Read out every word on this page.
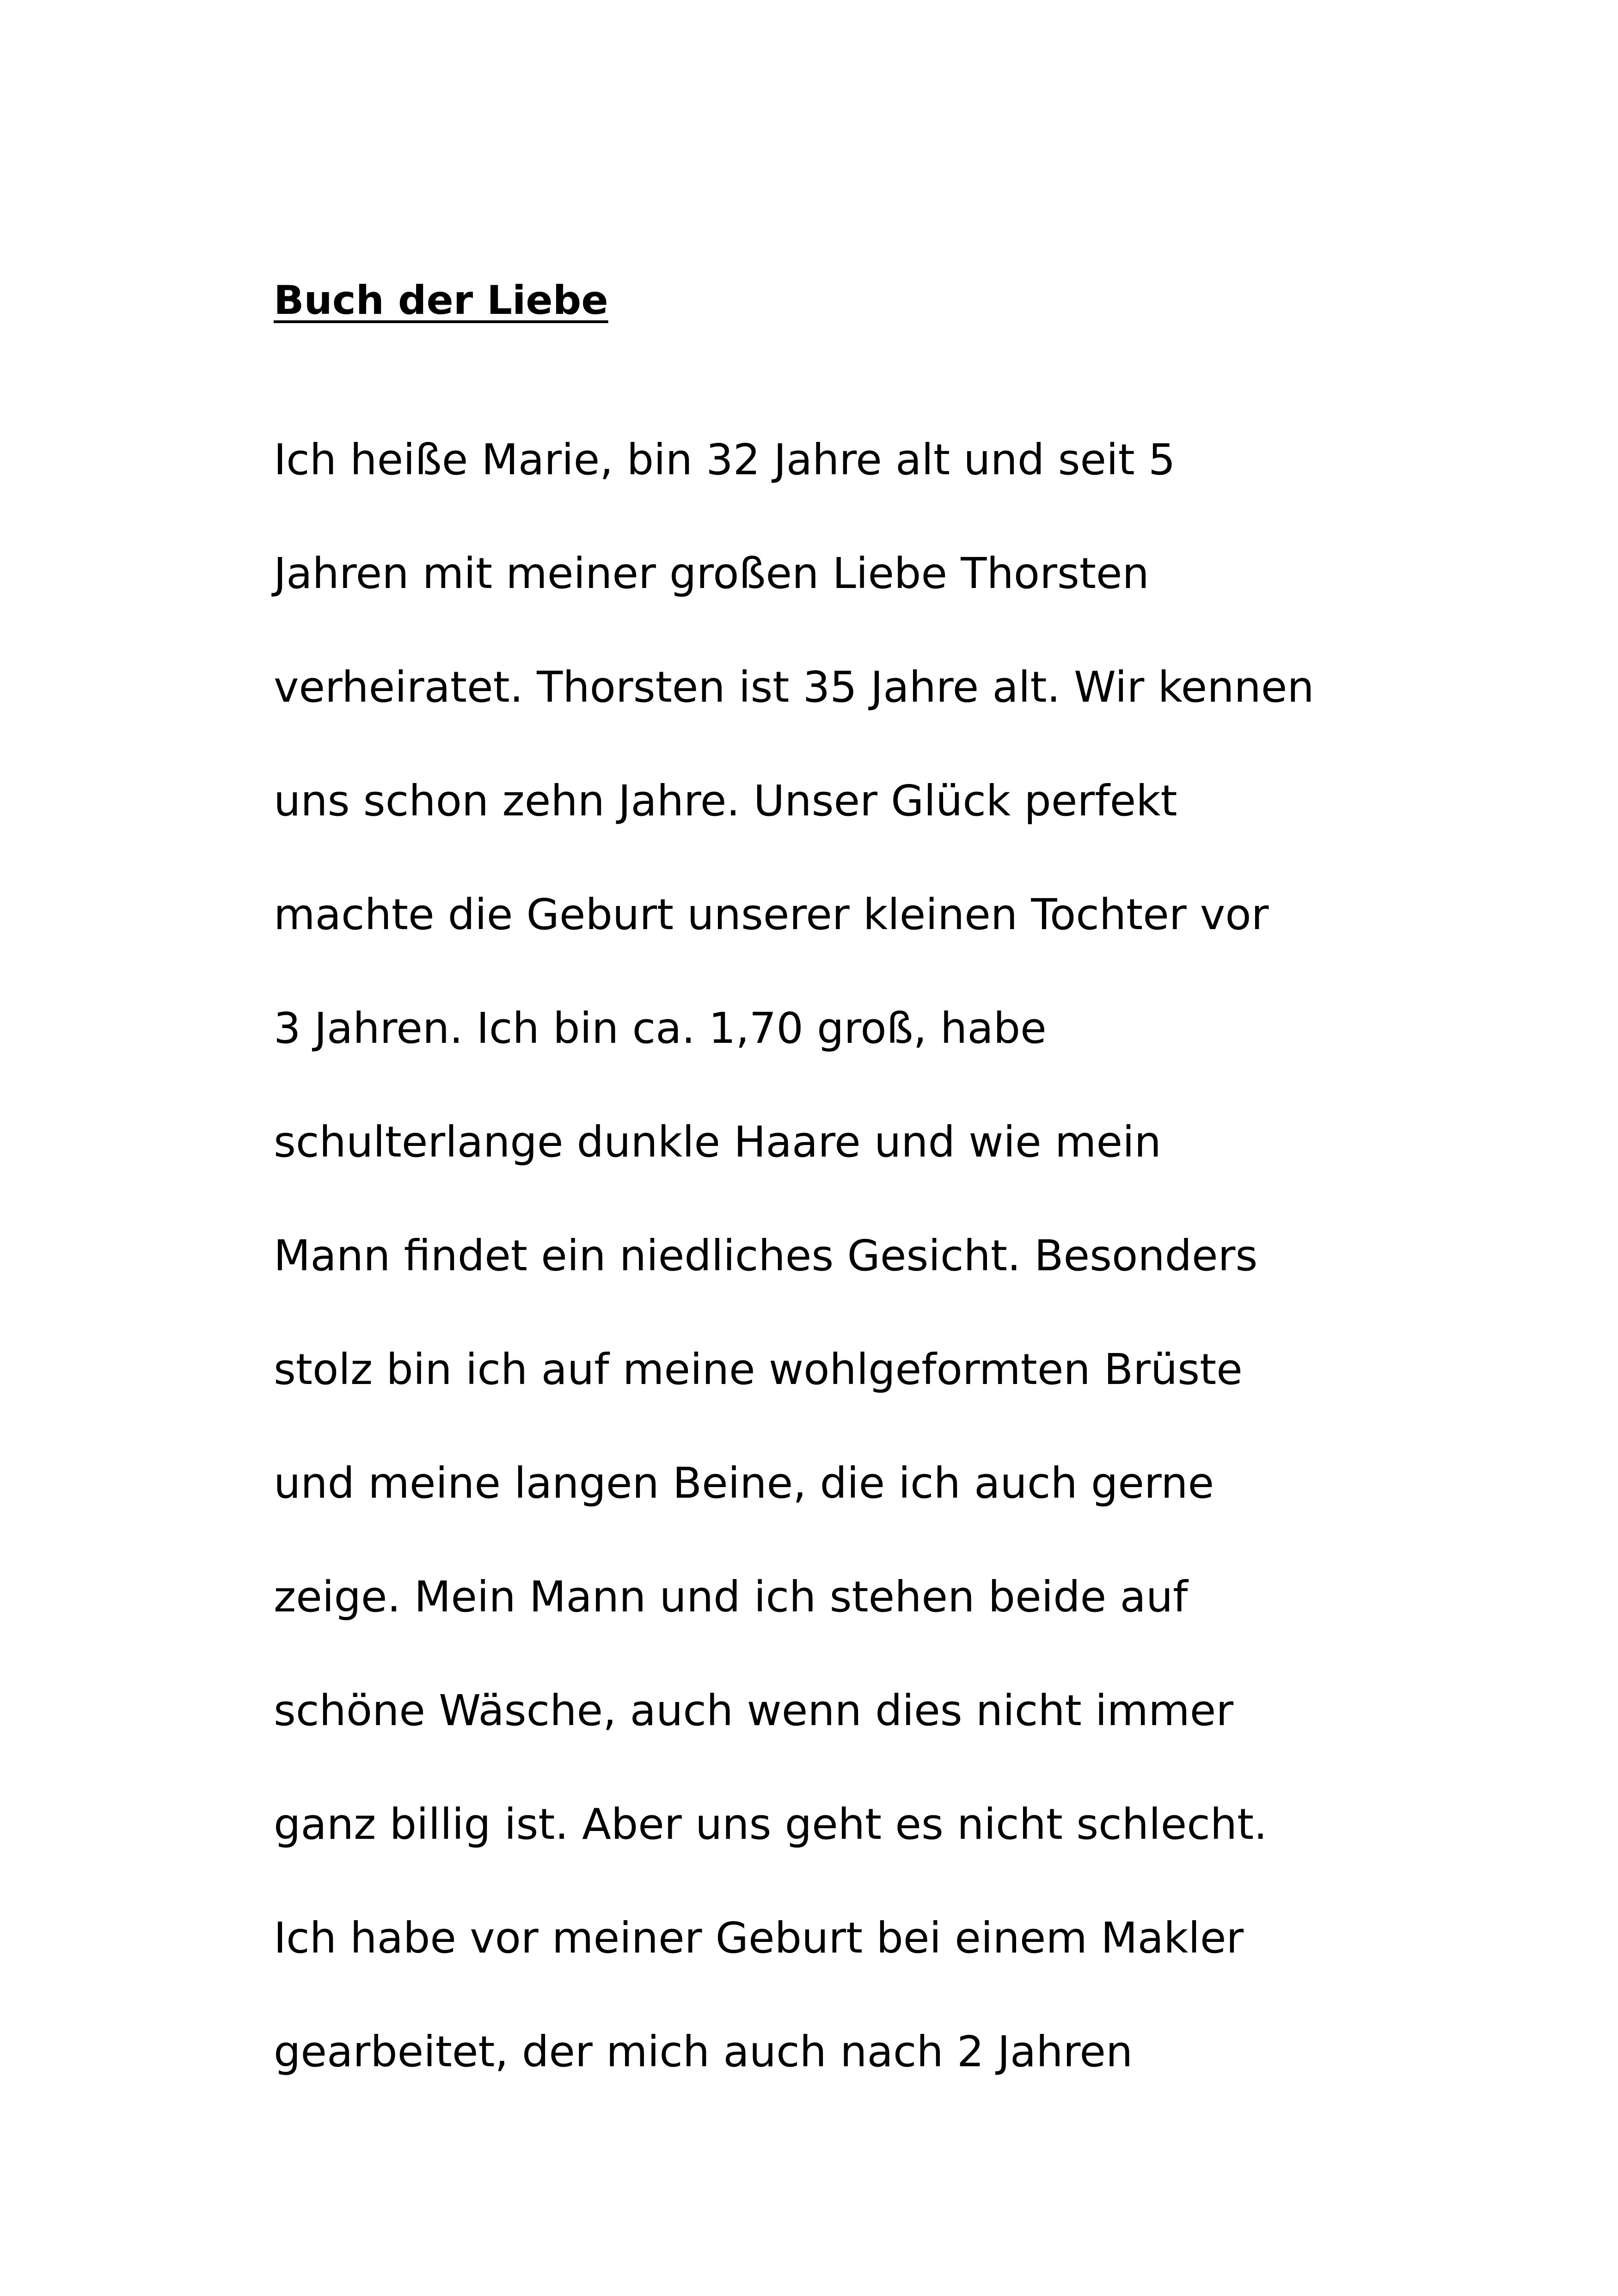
Buch der Liebe
Ich heiße Marie, bin 32 Jahre alt und seit 5
Jahren mit meiner großen Liebe Thorsten
verheiratet. Thorsten ist 35 Jahre alt. Wir kennen
uns schon zehn Jahre. Unser Glück perfekt
machte die Geburt unserer kleinen Tochter vor
3 Jahren. Ich bin ca. 1,70 groß, habe
schulterlange dunkle Haare und wie mein
Mann findet ein niedliches Gesicht. Besonders
stolz bin ich auf meine wohlgeformten Brüste
und meine langen Beine, die ich auch gerne
zeige. Mein Mann und ich stehen beide auf
schöne Wäsche, auch wenn dies nicht immer
ganz billig ist. Aber uns geht es nicht schlecht.
Ich habe vor meiner Geburt bei einem Makler
gearbeitet, der mich auch nach 2 Jahren
